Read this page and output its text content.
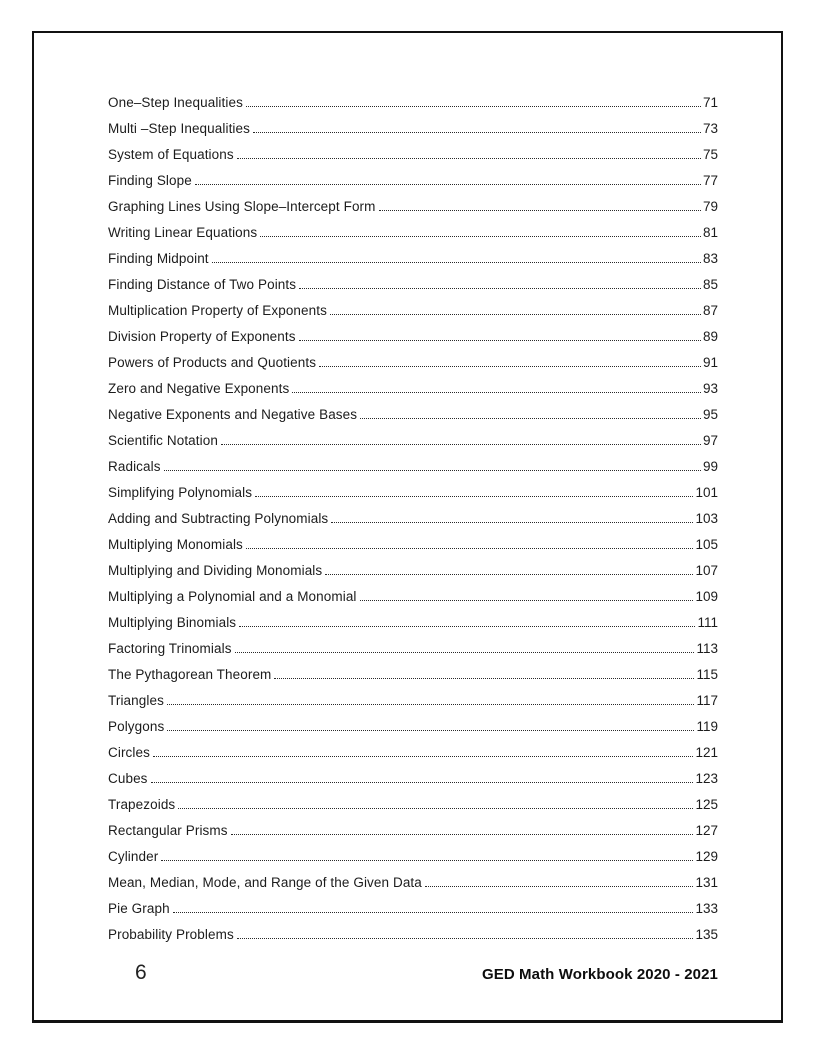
One–Step Inequalities	71
Multi –Step Inequalities	73
System of Equations	75
Finding Slope	77
Graphing Lines Using Slope–Intercept Form	79
Writing Linear Equations	81
Finding Midpoint	83
Finding Distance of Two Points	85
Multiplication Property of Exponents	87
Division Property of Exponents	89
Powers of Products and Quotients	91
Zero and Negative Exponents	93
Negative Exponents and Negative Bases	95
Scientific Notation	97
Radicals	99
Simplifying Polynomials	101
Adding and Subtracting Polynomials	103
Multiplying Monomials	105
Multiplying and Dividing Monomials	107
Multiplying a Polynomial and a Monomial	109
Multiplying Binomials	111
Factoring Trinomials	113
The Pythagorean Theorem	115
Triangles	117
Polygons	119
Circles	121
Cubes	123
Trapezoids	125
Rectangular Prisms	127
Cylinder	129
Mean, Median, Mode, and Range of the Given Data	131
Pie Graph	133
Probability Problems	135
6	GED Math Workbook 2020 - 2021
